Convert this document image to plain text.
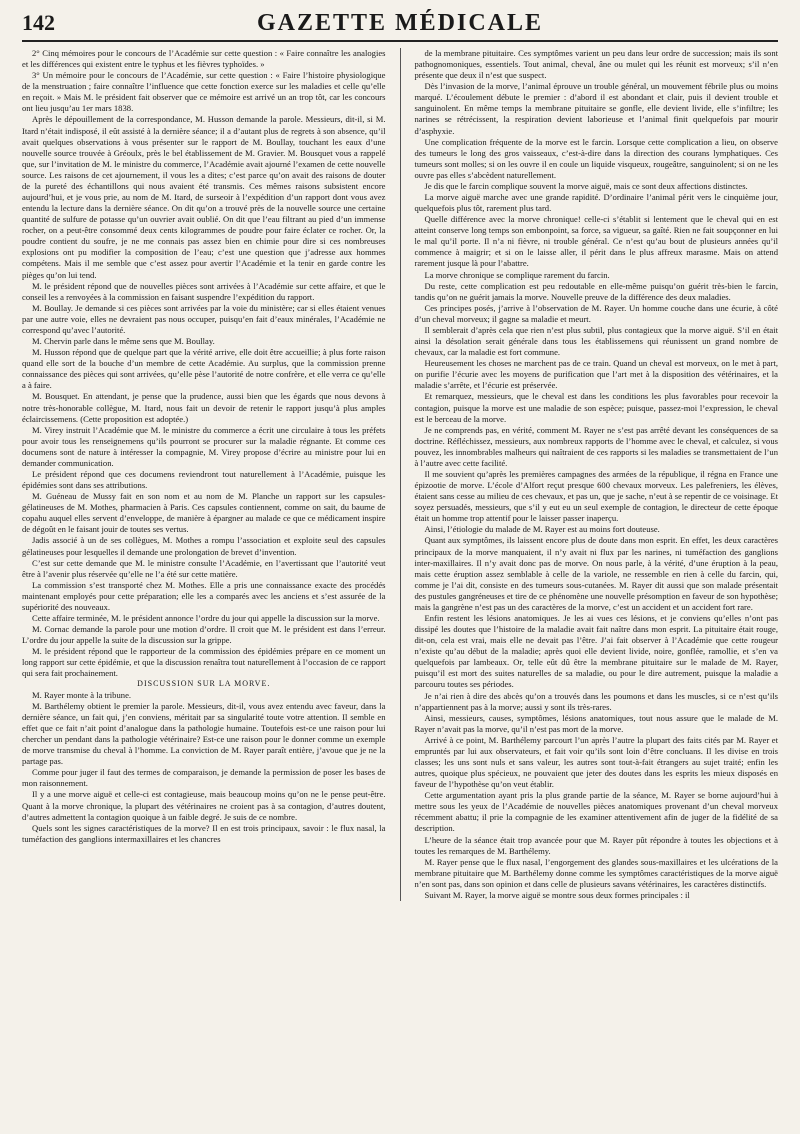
142	GAZETTE MÉDICALE

2° Cinq mémoires pour le concours de l’Académie sur cette question : « Faire connaître les analogies et les différences qui existent entre le typhus et les fièvres typhoïdes. »

3° Un mémoire pour le concours de l’Académie, sur cette question : « Faire l’histoire physiologique de la menstruation ; faire connaître l’influence que cette fonction exerce sur les maladies et celle qu’elle en reçoit. » Mais M. le président fait observer que ce mémoire est arrivé un an trop tôt, car les concours ont lieu jusqu’au 1er mars 1838.

Après le dépouillement de la correspondance, M. Husson demande la parole. Messieurs, dit-il, si M. Itard n’était indisposé, il eût assisté à la dernière séance; il a d’autant plus de regrets à son absence, qu’il avait quelques observations à vous présenter sur le rapport de M. Boullay, touchant les eaux d’une nouvelle source trouvée à Gréoulx, près le bel établissement de M. Gravier. M. Bousquet vous a rappelé que, sur l’invitation de M. le ministre du commerce, l’Académie avait ajourné l’examen de cette nouvelle source. Les raisons de cet ajournement, il vous les a dites; c’est parce qu’on avait des raisons de douter de la pureté des échantillons qui nous avaient été transmis. Ces mêmes raisons subsistent encore aujourd’hui, et je vous prie, au nom de M. Itard, de surseoir à l’expédition d’un rapport dont vous avez entendu la lecture dans la dernière séance. On dit qu’on a trouvé près de la nouvelle source une certaine quantité de sulfure de potasse qu’un ouvrier avait oublié. On dit que l’eau filtrant au pied d’un immense rocher, on a peut-être consommé deux cents kilogrammes de poudre pour faire éclater ce rocher. Or, la poudre contient du soufre, je ne me connais pas assez bien en chimie pour dire si ces nombreuses explosions ont pu modifier la composition de l’eau; c’est une question que j’adresse aux hommes compétens. Mais il me semble que c’est assez pour avertir l’Académie et la tenir en garde contre les pièges qu’on lui tend.

M. le président répond que de nouvelles pièces sont arrivées à l’Académie sur cette affaire, et que le conseil les a renvoyées à la commission en faisant suspendre l’expédition du rapport.

M. Boullay. Je demande si ces pièces sont arrivées par la voie du ministère; car si elles étaient venues par une autre voie, elles ne devraient pas nous occuper, puisqu’en fait d’eaux minérales, l’Académie ne correspond qu’avec l’autorité.

M. Chervin parle dans le même sens que M. Boullay.

M. Husson répond que de quelque part que la vérité arrive, elle doit être accueillie; à plus forte raison quand elle sort de la bouche d’un membre de cette Académie. Au surplus, que la commission prenne connaissance des pièces qui sont arrivées, qu’elle pèse l’autorité de notre confrère, et elle verra ce qu’elle a à faire.

M. Bousquet. En attendant, je pense que la prudence, aussi bien que les égards que nous devons à notre très-honorable collègue, M. Itard, nous fait un devoir de retenir le rapport jusqu’à plus amples éclaircissemens. (Cette proposition est adoptée.)

M. Virey instruit l’Académie que M. le ministre du commerce a écrit une circulaire à tous les préfets pour avoir tous les renseignemens qu’ils pourront se procurer sur la maladie régnante. Et comme ces documens sont de nature à intéresser la compagnie, M. Virey propose d’écrire au ministre pour lui en demander communication.

Le président répond que ces documens reviendront tout naturellement à l’Académie, puisque les épidémies sont dans ses attributions.

M. Guéneau de Mussy fait en son nom et au nom de M. Planche un rapport sur les capsules-gélatineuses de M. Mothes, pharmacien à Paris. Ces capsules contiennent, comme on sait, du baume de copahu auquel elles servent d’enveloppe, de manière à épargner au malade ce que ce médicament inspire de dégoût en le faisant jouir de toutes ses vertus.

Jadis associé à un de ses collègues, M. Mothes a rompu l’association et exploite seul des capsules gélatineuses pour lesquelles il demande une prolongation de brevet d’invention.

C’est sur cette demande que M. le ministre consulte l’Académie, en l’avertissant que l’autorité veut être à l’avenir plus réservée qu’elle ne l’a été sur cette matière.

La commission s’est transporté chez M. Mothes. Elle a pris une connaissance exacte des procédés maintenant employés pour cette préparation; elle les a comparés avec les anciens et s’est assurée de la supériorité des nouveaux.

Cette affaire terminée, M. le président annonce l’ordre du jour qui appelle la discussion sur la morve.

M. Cornac demande la parole pour une motion d’ordre. Il croit que M. le président est dans l’erreur. L’ordre du jour appelle la suite de la discussion sur la grippe.

M. le président répond que le rapporteur de la commission des épidémies prépare en ce moment un long rapport sur cette épidémie, et que la discussion renaîtra tout naturellement à l’occasion de ce rapport qui sera fait prochainement.

DISCUSSION SUR LA MORVE.

M. Rayer monte à la tribune.

M. Barthélemy obtient le premier la parole. Messieurs, dit-il, vous avez entendu avec faveur, dans la dernière séance, un fait qui, j’en conviens, méritait par sa singularité toute votre attention. Il semble en effet que ce fait n’ait point d’analogue dans la pathologie humaine. Toutefois est-ce une raison pour lui chercher un pendant dans la pathologie vétérinaire? Est-ce une raison pour le donner comme un exemple de morve transmise du cheval à l’homme. La conviction de M. Rayer paraît entière, j’avoue que je ne la partage pas.

Comme pour juger il faut des termes de comparaison, je demande la permission de poser les bases de mon raisonnement.

Il y a une morve aiguë et celle-ci est contagieuse, mais beaucoup moins qu’on ne le pense peut-être. Quant à la morve chronique, la plupart des vétérinaires ne croient pas à sa contagion, d’autres doutent, d’autres admettent la contagion quoique à un faible degré. Je suis de ce nombre.

Quels sont les signes caractéristiques de la morve? Il en est trois principaux, savoir : le flux nasal, la tuméfaction des ganglions intermaxillaires et les chancres

de la membrane pituitaire. Ces symptômes varient un peu dans leur ordre de succession; mais ils sont pathognomoniques, essentiels. Tout animal, cheval, âne ou mulet qui les réunit est morveux; s’il n’en présente que deux il n’est que suspect.

Dès l’invasion de la morve, l’animal éprouve un trouble général, un mouvement fébrile plus ou moins marqué. L’écoulement débute le premier : d’abord il est abondant et clair, puis il devient trouble et sanguinolent. En même temps la membrane pituitaire se gonfle, elle devient livide, elle s’infiltre; les narines se rétrécissent, la respiration devient laborieuse et l’animal finit quelquefois par mourir d’asphyxie.

Une complication fréquente de la morve est le farcin. Lorsque cette complication a lieu, on observe des tumeurs le long des gros vaisseaux, c’est-à-dire dans la direction des courans lymphatiques. Ces tumeurs sont molles; si on les ouvre il en coule un liquide visqueux, rougeâtre, sanguinolent; si on ne les ouvre pas elles s’abcèdent naturellement.

Je dis que le farcin complique souvent la morve aiguë, mais ce sont deux affections distinctes.

La morve aiguë marche avec une grande rapidité. D’ordinaire l’animal périt vers le cinquième jour, quelquefois plus tôt, rarement plus tard.

Quelle différence avec la morve chronique! celle-ci s’établit si lentement que le cheval qui en est atteint conserve long temps son embonpoint, sa force, sa vigueur, sa gaîté. Rien ne fait soupçonner en lui le mal qu’il porte. Il n’a ni fièvre, ni trouble général. Ce n’est qu’au bout de plusieurs années qu’il commence à maigrir; et si on le laisse aller, il périt dans le plus affreux marasme. Mais on attend rarement jusque là pour l’abattre.

La morve chronique se complique rarement du farcin.

Du reste, cette complication est peu redoutable en elle-même puisqu’on guérit très-bien le farcin, tandis qu’on ne guérit jamais la morve. Nouvelle preuve de la différence des deux maladies.

Ces principes posés, j’arrive à l’observation de M. Rayer. Un homme couche dans une écurie, à côté d’un cheval morveux; il gagne sa maladie et meurt.

Il semblerait d’après cela que rien n’est plus subtil, plus contagieux que la morve aiguë. S’il en était ainsi la désolation serait générale dans tous les établissemens qui réunissent un grand nombre de chevaux, car la maladie est fort commune.

Heureusement les choses ne marchent pas de ce train. Quand un cheval est morveux, on le met à part, on purifie l’écurie avec les moyens de purification que l’art met à la disposition des vétérinaires, et la maladie s’arrête, et l’écurie est préservée.

Et remarquez, messieurs, que le cheval est dans les conditions les plus favorables pour recevoir la contagion, puisque la morve est une maladie de son espèce; puisque, passez-moi l’expression, le cheval est le berceau de la morve.

Je ne comprends pas, en vérité, comment M. Rayer ne s’est pas arrêté devant les conséquences de sa doctrine. Réfléchissez, messieurs, aux nombreux rapports de l’homme avec le cheval, et calculez, si vous pouvez, les innombrables malheurs qui naîtraient de ces rapports si les maladies se transmettaient de l’un à l’autre avec cette facilité.

Il me souvient qu’après les premières campagnes des armées de la république, il régna en France une épizootie de morve. L’école d’Alfort reçut presque 600 chevaux morveux. Les palefreniers, les élèves, étaient sans cesse au milieu de ces chevaux, et pas un, que je sache, n’eut à se repentir de ce voisinage. Et soyez persuadés, messieurs, que s’il y eut eu un seul exemple de contagion, le directeur de cette époque était un homme trop attentif pour le laisser passer inaperçu.

Ainsi, l’étiologie du malade de M. Rayer est au moins fort douteuse.

Quant aux symptômes, ils laissent encore plus de doute dans mon esprit. En effet, les deux caractères principaux de la morve manquaient, il n’y avait ni flux par les narines, ni tuméfaction des ganglions inter-maxillaires. Il n’y avait donc pas de morve. On nous parle, à la vérité, d’une éruption à la peau, mais cette éruption assez semblable à celle de la variole, ne ressemble en rien à celle du farcin, qui, comme je l’ai dit, consiste en des tumeurs sous-cutanées. M. Rayer dit aussi que son malade présentait des pustules gangréneuses et tire de ce phénomène une nouvelle présomption en faveur de son hypothèse; mais la gangrène n’est pas un des caractères de la morve, c’est un accident et un accident fort rare.

Enfin restent les lésions anatomiques. Je les ai vues ces lésions, et je conviens qu’elles n’ont pas dissipé les doutes que l’histoire de la maladie avait fait naître dans mon esprit. La pituitaire était rouge, dit-on, cela est vrai, mais elle ne devait pas l’être. J’ai fait observer à l’Académie que cette rougeur n’existe qu’au début de la maladie; après quoi elle devient livide, noire, gonflée, ramollie, et s’en va quelquefois par lambeaux. Or, telle eût dû être la membrane pituitaire sur le malade de M. Rayer, puisqu’il est mort des suites naturelles de sa maladie, ou pour le dire autrement, puisque la maladie a parcouru toutes ses périodes.

Je n’ai rien à dire des abcès qu’on a trouvés dans les poumons et dans les muscles, si ce n’est qu’ils n’appartiennent pas à la morve; aussi y sont ils très-rares.

Ainsi, messieurs, causes, symptômes, lésions anatomiques, tout nous assure que le malade de M. Rayer n’avait pas la morve, qu’il n’est pas mort de la morve.

Arrivé à ce point, M. Barthélemy parcourt l’un après l’autre la plupart des faits cités par M. Rayer et empruntés par lui aux observateurs, et fait voir qu’ils sont loin d’être concluans. Il les divise en trois classes; les uns sont nuls et sans valeur, les autres sont tout-à-fait étrangers au sujet traité; enfin les autres, quoique plus spécieux, ne pouvaient que jeter des doutes dans les esprits les mieux disposés en faveur de l’hypothèse qu’on veut établir.

Cette argumentation ayant pris la plus grande partie de la séance, M. Rayer se borne aujourd’hui à mettre sous les yeux de l’Académie de nouvelles pièces anatomiques provenant d’un cheval morveux récemment abattu; il prie la compagnie de les examiner attentivement afin de juger de la fidélité de sa description.

L’heure de la séance était trop avancée pour que M. Rayer pût répondre à toutes les objections et à toutes les remarques de M. Barthélemy.

M. Rayer pense que le flux nasal, l’engorgement des glandes sous-maxillaires et les ulcérations de la membrane pituitaire que M. Barthélemy donne comme les symptômes caractéristiques de la morve aiguë n’en sont pas, dans son opinion et dans celle de plusieurs savans vétérinaires, les caractères distinctifs.

Suivant M. Rayer, la morve aiguë se montre sous deux formes principales : il
